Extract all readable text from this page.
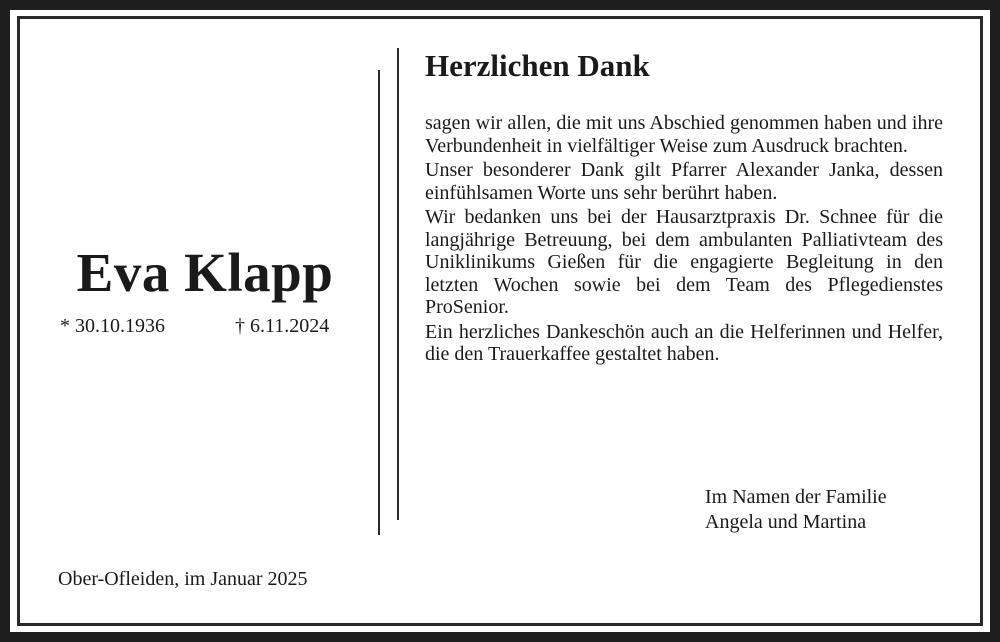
Eva Klapp
* 30.10.1936	† 6.11.2024
Ober-Ofleiden, im Januar 2025
Herzlichen Dank

sagen wir allen, die mit uns Abschied genommen haben und ihre Verbundenheit in vielfältiger Weise zum Ausdruck brachten.

Unser besonderer Dank gilt Pfarrer Alexander Janka, dessen einfühlsamen Worte uns sehr berührt haben.

Wir bedanken uns bei der Hausarztpraxis Dr. Schnee für die langjährige Betreuung, bei dem ambulanten Palliativteam des Uniklinikums Gießen für die engagierte Begleitung in den letzten Wochen sowie bei dem Team des Pflegedienstes ProSenior.

Ein herzliches Dankeschön auch an die Helferinnen und Helfer, die den Trauerkaffee gestaltet haben.

Im Namen der Familie
Angela und Martina
